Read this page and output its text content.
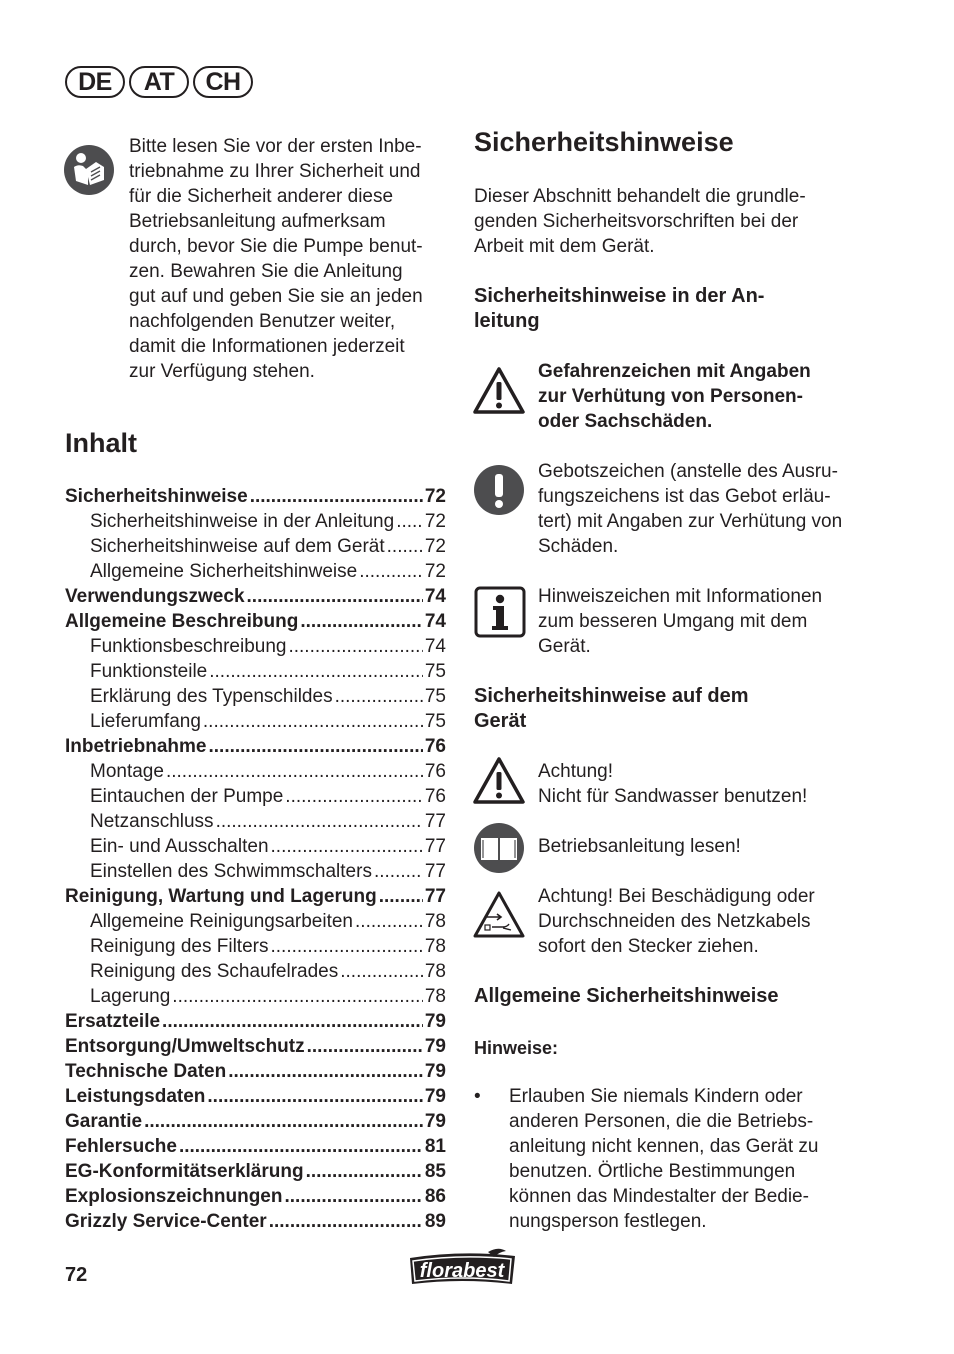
DE	AT	CH
Bitte lesen Sie vor der ersten Inbe-
triebnahme zu Ihrer Sicherheit und
für die Sicherheit anderer diese
Betriebsanleitung aufmerksam
durch, bevor Sie die Pumpe benut-
zen. Bewahren Sie die Anleitung
gut auf und geben Sie sie an jeden
nachfolgenden Benutzer weiter,
damit die Informationen jederzeit
zur Verfügung stehen.
Inhalt
Sicherheitshinweise .....	72
Sicherheitshinweise in der Anleitung ..... 72
Sicherheitshinweise auf dem Gerät ..... 72
Allgemeine Sicherheitshinweise .....	72
Verwendungszweck .....	74
Allgemeine Beschreibung .....	74
Funktionsbeschreibung .....	74
Funktionsteile .....	75
Erklärung des Typenschildes .....	75
Lieferumfang .....	75
Inbetriebnahme .....	76
Montage .....	76
Eintauchen der Pumpe .....	76
Netzanschluss .....	77
Ein- und Ausschalten .....	77
Einstellen des Schwimmschalters .....	77
Reinigung, Wartung und Lagerung .....	77
Allgemeine Reinigungsarbeiten .....	78
Reinigung des Filters .....	78
Reinigung des Schaufelrades .....	78
Lagerung .....	78
Ersatzteile .....	79
Entsorgung/Umweltschutz .....	79
Technische Daten .....	79
Leistungsdaten .....	79
Garantie .....	79
Fehlersuche .....	81
EG-Konformitätserklärung .....	85
Explosionszeichnungen .....	86
Grizzly Service-Center .....	89
72	florabest
Sicherheitshinweise
Dieser Abschnitt behandelt die grundle-
genden Sicherheitsvorschriften bei der
Arbeit mit dem Gerät.
Sicherheitshinweise in der An-
leitung
Gefahrenzeichen mit Angaben
zur Verhütung von Personen-
oder Sachschäden.
Gebotszeichen (anstelle des Ausru-
fungszeichens ist das Gebot erläu-
tert) mit Angaben zur Verhütung von
Schäden.
Hinweiszeichen mit Informationen
zum besseren Umgang mit dem
Gerät.
Sicherheitshinweise auf dem
Gerät
Achtung!
Nicht für Sandwasser benutzen!
Betriebsanleitung lesen!
Achtung! Bei Beschädigung oder
Durchschneiden des Netzkabels
sofort den Stecker ziehen.
Allgemeine Sicherheitshinweise
Hinweise:
• Erlauben Sie niemals Kindern oder
anderen Personen, die die Betriebs-
anleitung nicht kennen, das Gerät zu
benutzen. Örtliche Bestimmungen
können das Mindestalter der Bedie-
nungsperson festlegen.
